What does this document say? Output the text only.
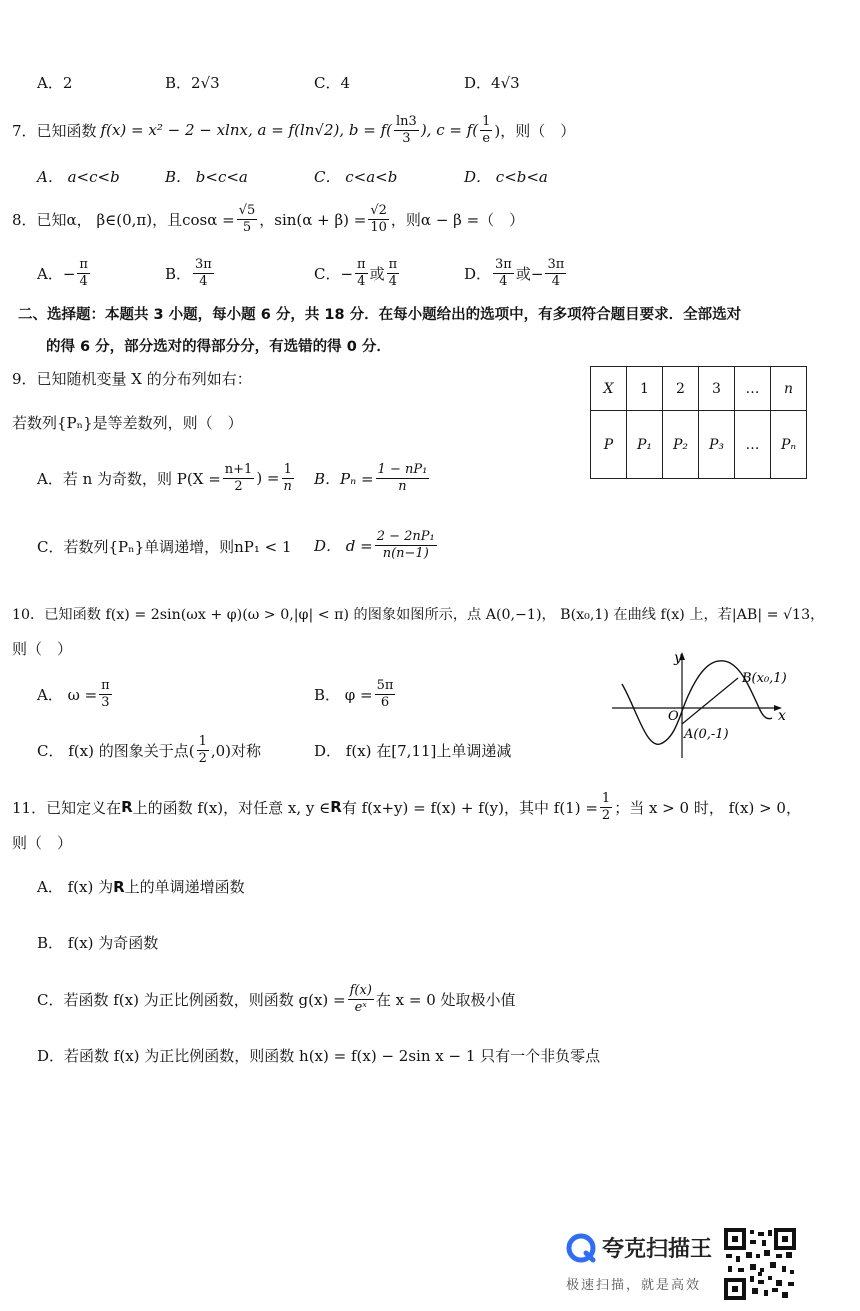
A．2	B．2√3	C．4	D．4√3
7．已知函数 f(x) = x² − 2 − xlnx, a = f(ln√2), $b = f( \frac{\ln 3}{3}$ ), $c = f( \frac{1}{e}$ )，则（　）
A． a<c<b	B． b<c<a	C． c<a<b	D． c<b<a
8．已知α， β∈(0,π)，且$\cos\alpha = \frac{√5}{5}$ ，$\sin(\alpha + \beta) = \frac{√2}{10}$ ，则α − β =（　）
A．− $\frac{\pi}{4}$	B． $\frac{3\pi}{4}$	C．− $\frac{\pi}{4}$ 或 $\frac{\pi}{4}$	D． $\frac{3\pi}{4}$ 或− $\frac{3\pi}{4}$
二、选择题：本题共 3 小题，每小题 6 分，共 18 分．在每小题给出的选项中，有多项符合题目要求．全部选对
的得 6 分，部分选对的得部分分，有选错的得 0 分．
9．已知随机变量 X 的分布列如右：
若数列{Pₙ}是等差数列，则（　）
X	1	2	3	…	n
P	P₁	P₂	P₃	…	Pₙ
A．若 n 为奇数，则 $P(X = \frac{n+1}{2}$ ) = $\frac{1}{n}$ B．$P_n = \frac{\text{1 − nP₁}}{n}$
C．若数列{Pₙ}单调递增，则nP₁ < 1 D． $d = \frac{\text{2 − 2nP₁}}{n(n-1)}$
10．已知函数 f(x) = 2sin(ωx + φ)(ω > 0,|φ| < π) 的图象如图所示，点 A(0,−1)， B(x₀,1) 在曲线 f(x) 上，若|AB| = √13，
则（　）
A． $\omega = \frac{\pi}{3}$	B． $\varphi = \frac{5\pi}{6}$
C． f(x) 的图象关于点( $\frac{1}{2} ,0$)对称	D． f(x) 在[7,11]上单调递减
y
x
O
A(0,-1)
B(x₀,1)
11．已知定义在 R 上的函数 f(x)，对任意 x, y ∈ R 有 f(x+y) = f(x) + f(y)，其中 $f(1) = \frac{1}{2}$ ；当 x > 0 时， f(x) > 0，
则（　）
A． f(x) 为 R 上的单调递增函数
B． f(x) 为奇函数
C．若函数 f(x) 为正比例函数，则函数 $g(x) = \frac{f(x)}{\text{eˣ}}$ 在 x = 0 处取极小值
D．若函数 f(x) 为正比例函数，则函数 h(x) = f(x) − 2sin x − 1 只有一个非负零点
夸克扫描王
极速扫描，就是高效
